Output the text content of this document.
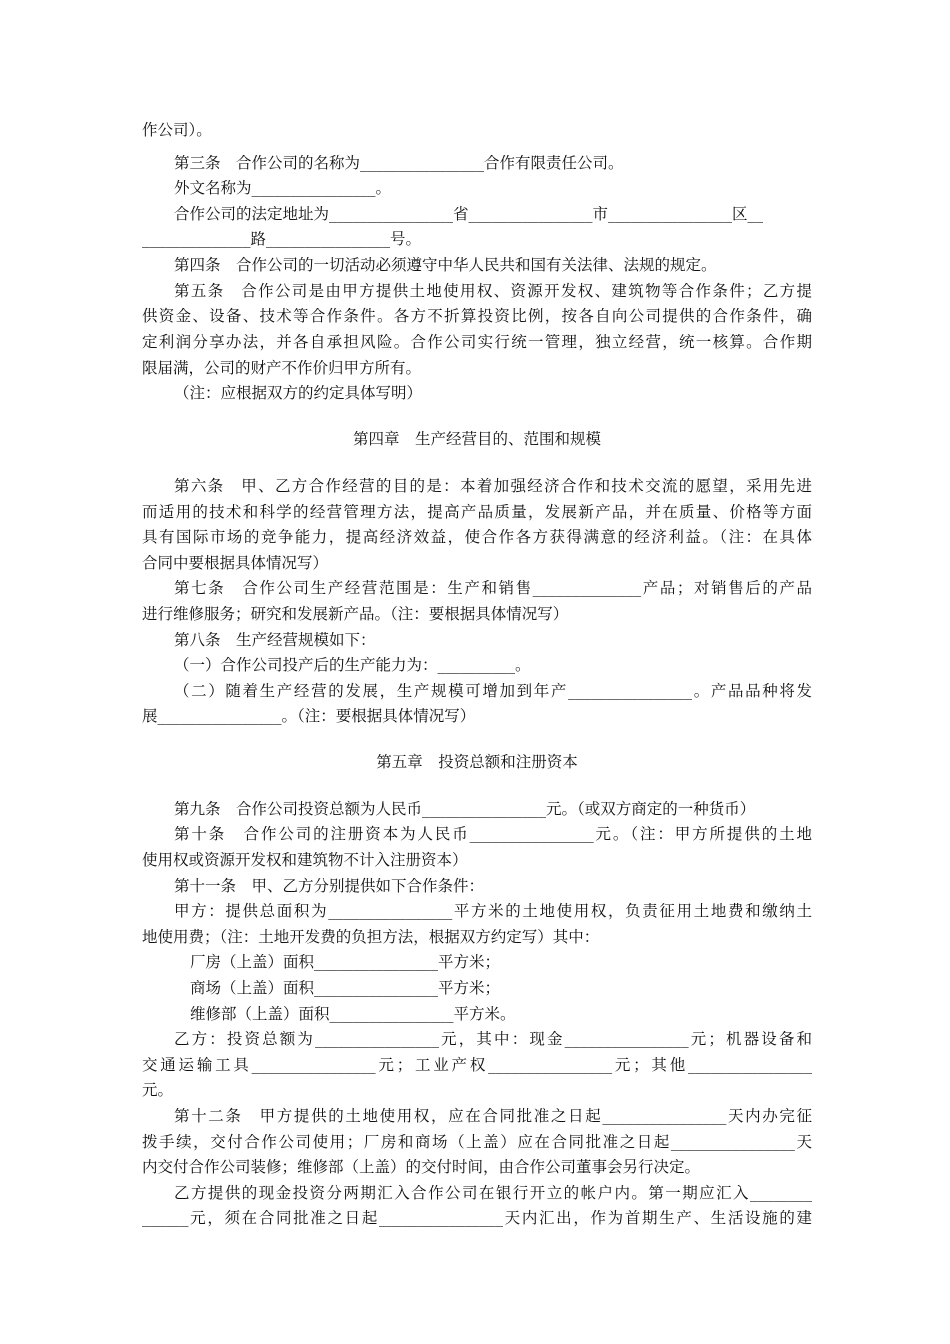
作公司）。
第三条　合作公司的名称为________________合作有限责任公司。
外文名称为________________。
合作公司的法定地址为________________省________________市________________区__
______________路________________号。
第四条　合作公司的一切活动必须遵守中华人民共和国有关法律、法规的规定。
第五条　合作公司是由甲方提供土地使用权、资源开发权、建筑物等合作条件；乙方提
供资金、设备、技术等合作条件。各方不折算投资比例，按各自向公司提供的合作条件，确
定利润分享办法，并各自承担风险。合作公司实行统一管理，独立经营，统一核算。合作期
限届满，公司的财产不作价归甲方所有。
（注：应根据双方的约定具体写明）
第四章　生产经营目的、范围和规模
第六条　甲、乙方合作经营的目的是：本着加强经济合作和技术交流的愿望，采用先进
而适用的技术和科学的经营管理方法，提高产品质量，发展新产品，并在质量、价格等方面
具有国际市场的竞争能力，提高经济效益，使合作各方获得满意的经济利益。（注：在具体
合同中要根据具体情况写）
第七条　合作公司生产经营范围是：生产和销售______________产品；对销售后的产品
进行维修服务；研究和发展新产品。（注：要根据具体情况写）
第八条　生产经营规模如下：
（一）合作公司投产后的生产能力为：__________。
（二）随着生产经营的发展，生产规模可增加到年产________________。产品品种将发
展________________。（注：要根据具体情况写）
第五章　投资总额和注册资本
第九条　合作公司投资总额为人民币________________元。（或双方商定的一种货币）
第十条　合作公司的注册资本为人民币________________元。（注：甲方所提供的土地
使用权或资源开发权和建筑物不计入注册资本）
第十一条　甲、乙方分别提供如下合作条件：
甲方：提供总面积为________________平方米的土地使用权，负责征用土地费和缴纳土
地使用费；（注：土地开发费的负担方法，根据双方约定写）其中：
厂房（上盖）面积________________平方米；
商场（上盖）面积________________平方米；
维修部（上盖）面积________________平方米。
乙方：投资总额为________________元，其中：现金________________元；机器设备和
交通运输工具________________元；工业产权________________元；其他________________
元。
第十二条　甲方提供的土地使用权，应在合同批准之日起________________天内办完征
拨手续，交付合作公司使用；厂房和商场（上盖）应在合同批准之日起________________天
内交付合作公司装修；维修部（上盖）的交付时间，由合作公司董事会另行决定。
乙方提供的现金投资分两期汇入合作公司在银行开立的帐户内。第一期应汇入________
______元，须在合同批准之日起________________天内汇出，作为首期生产、生活设施的建
